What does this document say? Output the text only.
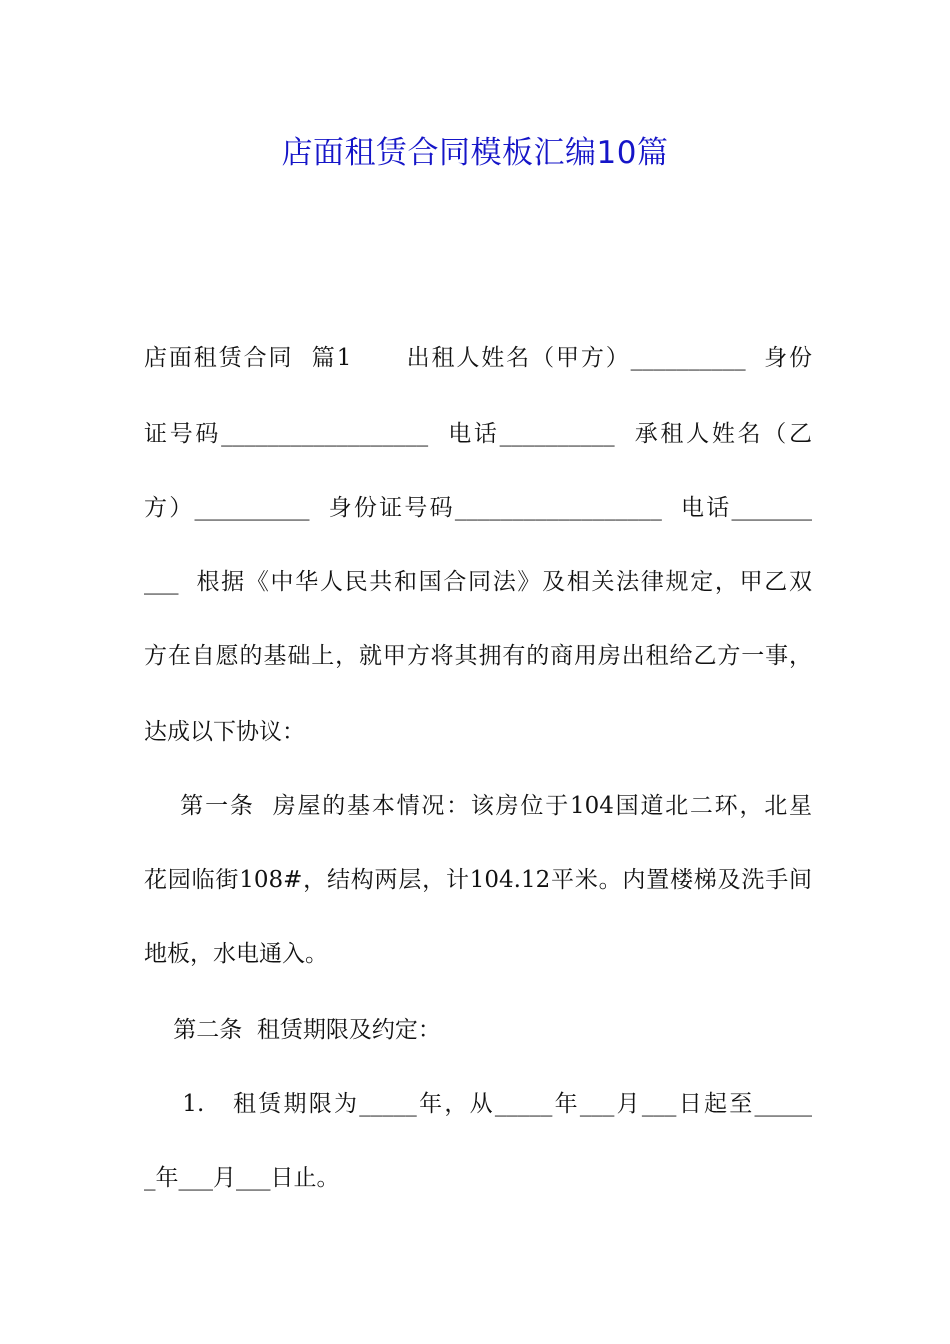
店面租赁合同模板汇编10篇
店面租赁合同  篇1      出租人姓名（甲方）__________  身份
证号码__________________  电话__________  承租人姓名（乙
方）__________  身份证号码__________________  电话_______
___  根据《中华人民共和国合同法》及相关法律规定，甲乙双
方在自愿的基础上，就甲方将其拥有的商用房出租给乙方一事，
达成以下协议：
第一条  房屋的基本情况：该房位于104国道北二环，北星
花园临街108#，结构两层，计104.12平米。内置楼梯及洗手间
地板，水电通入。
第二条  租赁期限及约定：
1.   租赁期限为_____年，从_____年___月___日起至_____
_年___月___日止。
